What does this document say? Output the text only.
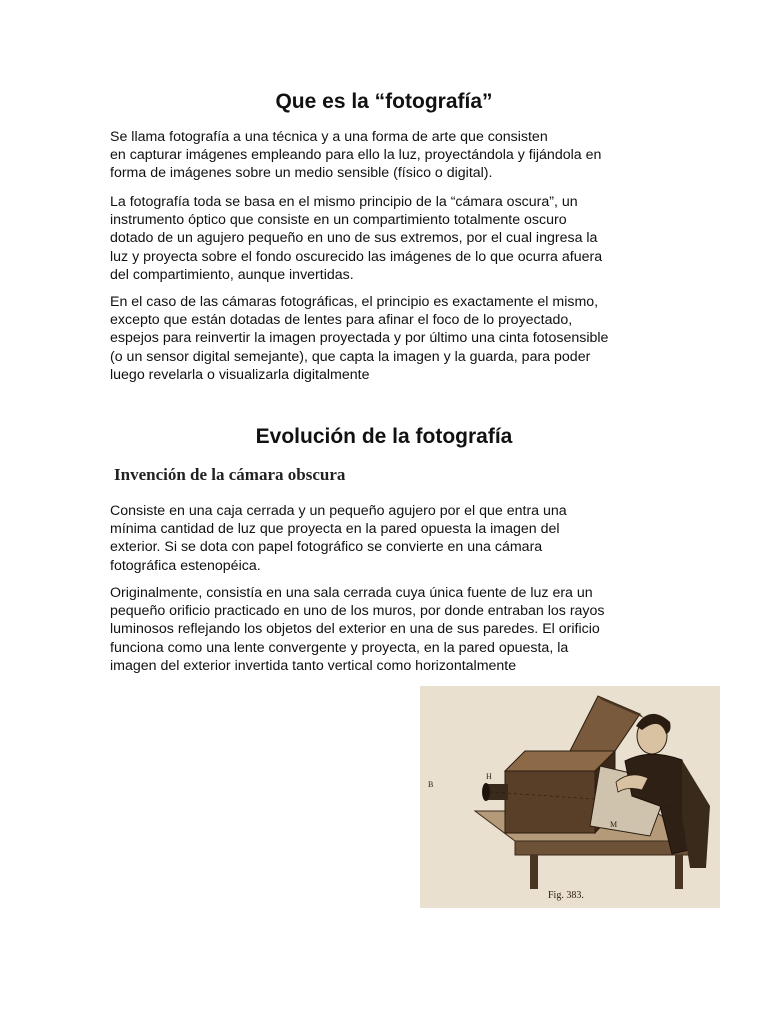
Que es la “fotografía”
Se llama fotografía a una técnica y a una forma de arte que consisten
en capturar imágenes empleando para ello la luz, proyectándola y fijándola en
forma de imágenes sobre un medio sensible (físico o digital).
La fotografía toda se basa en el mismo principio de la “cámara oscura”, un
instrumento óptico que consiste en un compartimiento totalmente oscuro
dotado de un agujero pequeño en uno de sus extremos, por el cual ingresa la
luz y proyecta sobre el fondo oscurecido las imágenes de lo que ocurra afuera
del compartimiento, aunque invertidas.
En el caso de las cámaras fotográficas, el principio es exactamente el mismo,
excepto que están dotadas de lentes para afinar el foco de lo proyectado,
espejos para reinvertir la imagen proyectada y por último una cinta fotosensible
(o un sensor digital semejante), que capta la imagen y la guarda, para poder
luego revelarla o visualizarla digitalmente
Evolución de la fotografía
Invención de la cámara obscura
Consiste en una caja cerrada y un pequeño agujero por el que entra una
mínima cantidad de luz que proyecta en la pared opuesta la imagen del
exterior. Si se dota con papel fotográfico se convierte en una cámara
fotográfica estenopéica.
Originalmente, consistía en una sala cerrada cuya única fuente de luz era un
pequeño orificio practicado en uno de los muros, por donde entraban los rayos
luminosos reflejando los objetos del exterior en una de sus paredes. El orificio
funciona como una lente convergente y proyecta, en la pared opuesta, la
imagen del exterior invertida tanto vertical como horizontalmente
B
H
M
O
Fig. 383.
